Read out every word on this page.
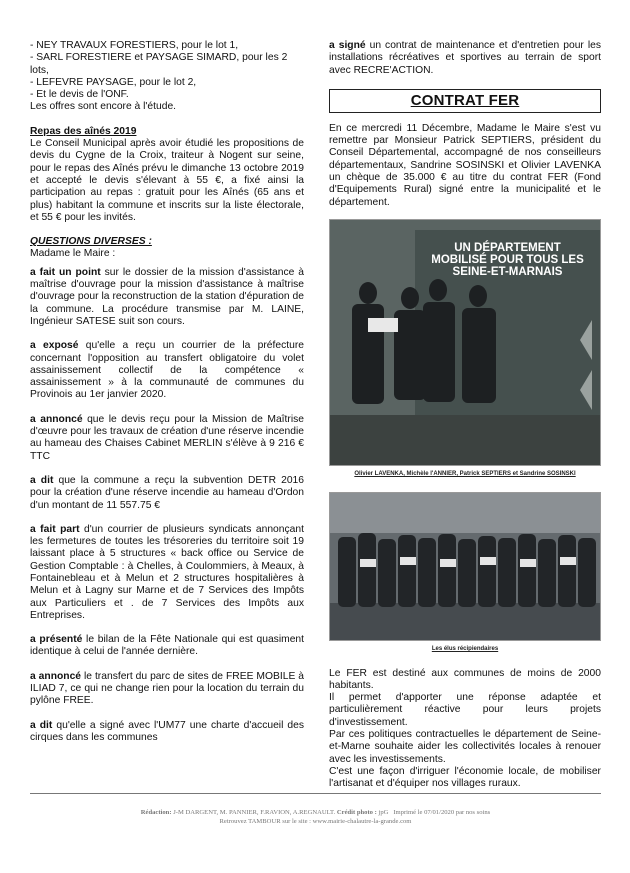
- NEY TRAVAUX FORESTIERS, pour le lot 1,

- SARL FORESTIERE et PAYSAGE SIMARD, pour les 2 lots,

- LEFEVRE PAYSAGE, pour le lot 2,

- Et le devis de l'ONF.

Les offres sont encore à l'étude.

Repas des aînés 2019

Le Conseil Municipal après avoir étudié les propositions de devis du Cygne de la Croix, traiteur à Nogent sur seine, pour le repas des Aînés prévu le dimanche 13 octobre 2019 et accepté le devis s'élevant à 55 €, a fixé ainsi la participation au repas : gratuit pour les Aînés (65 ans et plus) habitant la commune et inscrits sur la liste électorale, et 55 € pour les invités.

QUESTIONS DIVERSES :

Madame le Maire :

a fait un point sur le dossier de la mission d'assistance à maîtrise d'ouvrage pour la mission d'assistance à maîtrise d'ouvrage pour la reconstruction de la station d'épuration de la commune. La procédure transmise par M. LAINE, Ingénieur SATESE suit son cours.

a exposé qu'elle a reçu un courrier de la préfecture concernant l'opposition au transfert obligatoire du volet assainissement collectif de la compétence « assainissement » à la communauté de communes du Provinois au 1er janvier 2020.

a annoncé que le devis reçu pour la Mission de Maîtrise d'œuvre pour les travaux de création d'une réserve incendie au hameau des Chaises Cabinet MERLIN s'élève à 9 216 € TTC

a dit que la commune a reçu la subvention DETR 2016 pour la création d'une réserve incendie au hameau d'Ordon d'un montant de 11 557.75 €

a fait part d'un courrier de plusieurs syndicats annonçant les fermetures de toutes les trésoreries du territoire soit 19 laissant place à 5 structures « back office ou Service de Gestion Comptable : à Chelles, à Coulommiers, à Meaux, à Fontainebleau et à Melun et 2 structures hospitalières à Melun et à Lagny sur Marne et de 7 Services des Impôts aux Particuliers et . de 7 Services des Impôts aux Entreprises.

a présenté le bilan de la Fête Nationale qui est quasiment identique à celui de l'année dernière.

a annoncé le transfert du parc de sites de FREE MOBILE à ILIAD 7, ce qui ne change rien pour la location du terrain du pylône FREE.

a dit qu'elle a signé avec l'UM77 une charte d'accueil des cirques dans les communes

a signé un contrat de maintenance et d'entretien pour les installations récréatives et sportives au terrain de sport avec RECRE'ACTION.

CONTRAT FER

En ce mercredi 11 Décembre, Madame le Maire s'est vu remettre par Monsieur Patrick SEPTIERS, président du Conseil Départemental, accompagné de nos conseilleurs départementaux, Sandrine SOSINSKI et Olivier LAVENKA un chèque de 35.000 € au titre du contrat FER (Fond d'Equipements Rural) signé entre la municipalité et le département.

UN DÉPARTEMENT MOBILISÉ POUR TOUS LES SEINE-ET-MARNAIS
Olivier LAVENKA, Michèle l'ANNIER, Patrick SEPTIERS et Sandrine SOSINSKI
Les élus récipiendaires

Le FER est destiné aux communes de moins de 2000 habitants.

Il permet d'apporter une réponse adaptée et particulièrement réactive pour leurs projets d'investissement.

Par ces politiques contractuelles le département de Seine-et-Marne souhaite aider les collectivités locales à renouer avec les investissements.

C'est une façon d'irriguer l'économie locale, de mobiliser l'artisanat et d'équiper nos villages ruraux.

Rédaction: J-M DARGENT, M. PANNIER, F.RAVION, A.REGNAULT. Crédit photo : jpG Imprimé le 07/01/2020 par nos soins
Retrouvez TAMBOUR sur le site : www.mairie-chalautre-la-grande.com
